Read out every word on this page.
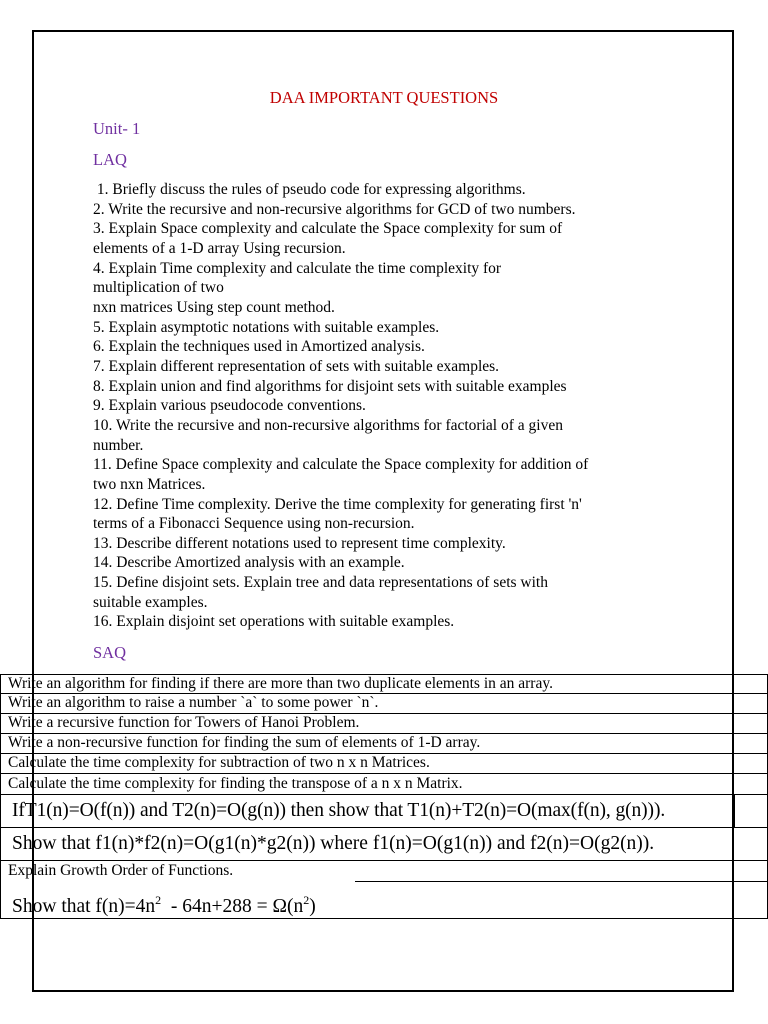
DAA IMPORTANT QUESTIONS
Unit- 1
LAQ

1. Briefly discuss the rules of pseudo code for expressing algorithms.

2. Write the recursive and non-recursive algorithms for GCD of two numbers.

3. Explain Space complexity and calculate the Space complexity for sum of

elements of a 1-D array Using recursion.

4. Explain Time complexity and calculate the time complexity for

multiplication of two

nxn matrices Using step count method.

5. Explain asymptotic notations with suitable examples.

6. Explain the techniques used in Amortized analysis.

7. Explain different representation of sets with suitable examples.

8. Explain union and find algorithms for disjoint sets with suitable examples

9. Explain various pseudocode conventions.

10. Write the recursive and non-recursive algorithms for factorial of a given

number.

11. Define Space complexity and calculate the Space complexity for addition of

two nxn Matrices.

12. Define Time complexity. Derive the time complexity for generating first 'n'

terms of a Fibonacci Sequence using non-recursion.

13. Describe different notations used to represent time complexity.

14. Describe Amortized analysis with an example.

15. Define disjoint sets. Explain tree and data representations of sets with

suitable examples.

16. Explain disjoint set operations with suitable examples.

SAQ
Write an algorithm for finding if there are more than two duplicate elements in an array.
Write an algorithm to raise a number `a` to some power `n`.
Write a recursive function for Towers of Hanoi Problem.
Write a non-recursive function for finding the sum of elements of 1-D array.
Calculate the time complexity for subtraction of two n x n Matrices.
Calculate the time complexity for finding the transpose of a n x n Matrix.
IfT1(n)=O(f(n)) and T2(n)=O(g(n)) then show that T1(n)+T2(n)=O(max(f(n), g(n))).
Show that f1(n)*f2(n)=O(g1(n)*g2(n)) where f1(n)=O(g1(n)) and f2(n)=O(g2(n)).
Explain Growth Order of Functions.
Show that $f(n)=4n^2 - 64n+288 = \Omega(n^2)$
